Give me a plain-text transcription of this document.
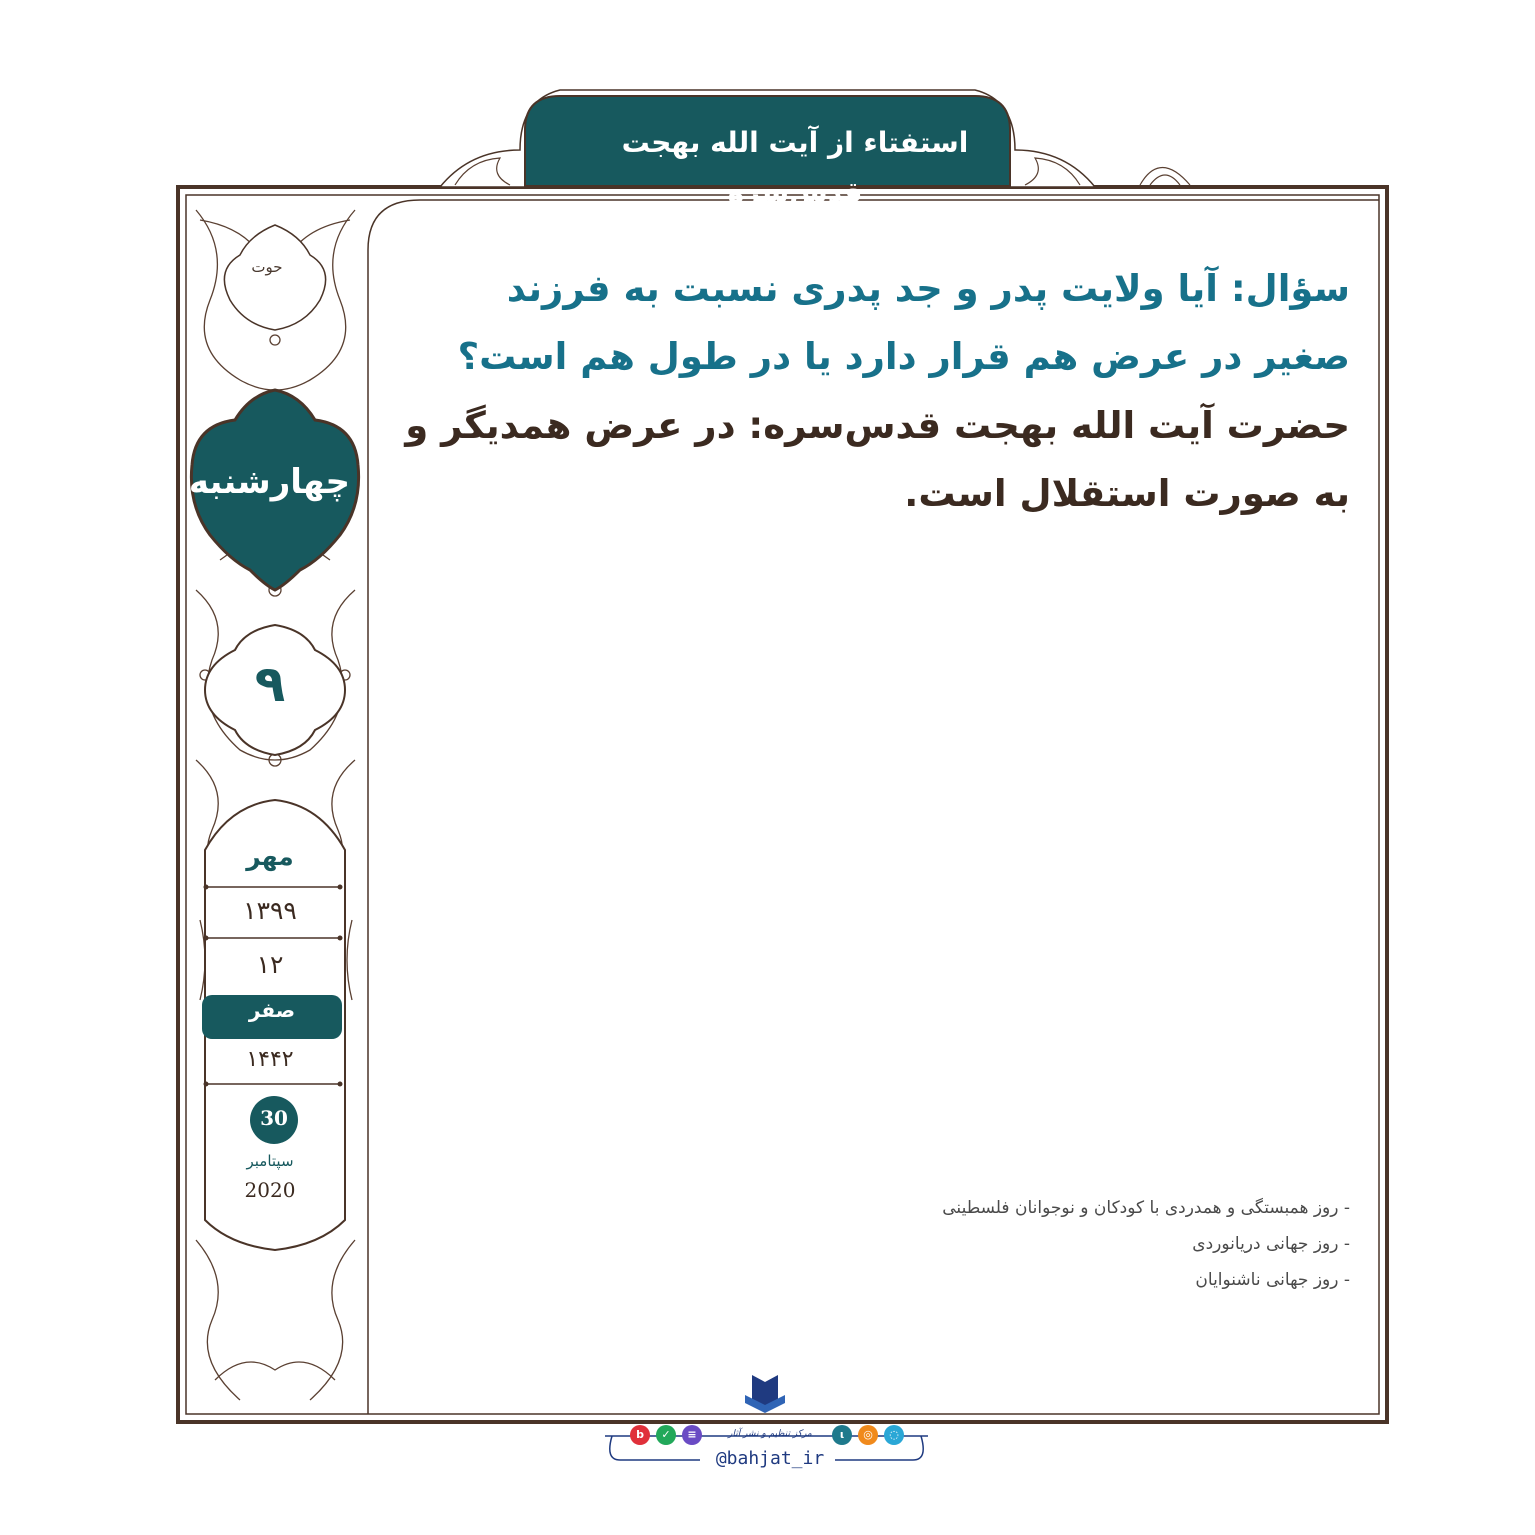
استفتاء از آیت الله بهجت قدس‌سره
سؤال: آیا ولایت پدر و جد پدری نسبت به فرزند صغیر در عرض هم قرار دارد یا در طول هم است؟
حضرت آیت الله بهجت قدس‌سره: در عرض همدیگر و به صورت استقلال است.
- روز همبستگی و همدردی با کودکان و نوجوانان فلسطینی
- روز جهانی دریانوردی
- روز جهانی ناشنوایان
حوت
چهارشنبه
۹
مهر
۱۳۹۹
۱۲
صفر
۱۴۴۲
30
سپتامبر
2020
مرکز تنظیم و نشر آثار
@bahjat_ir
b	✓	≡	ι	◎	◌
